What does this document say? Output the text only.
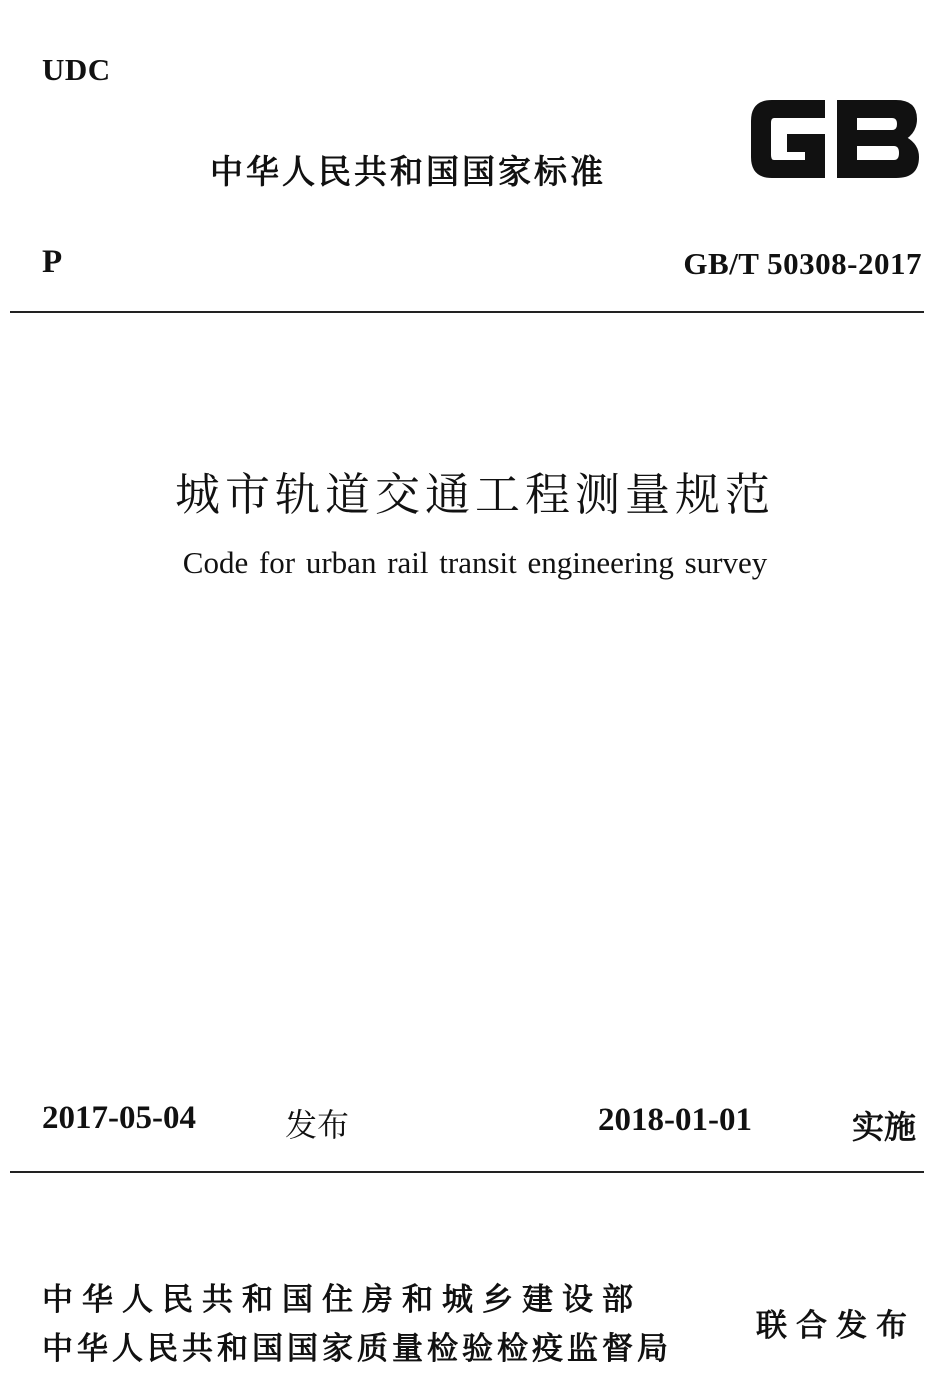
UDC
中华人民共和国国家标准
P	GB/T 50308-2017
城市轨道交通工程测量规范
Code for urban rail transit engineering survey
2017-05-04	发布	2018-01-01	实施
中华人民共和国住房和城乡建设部
中华人民共和国国家质量检验检疫监督局
联合发布
